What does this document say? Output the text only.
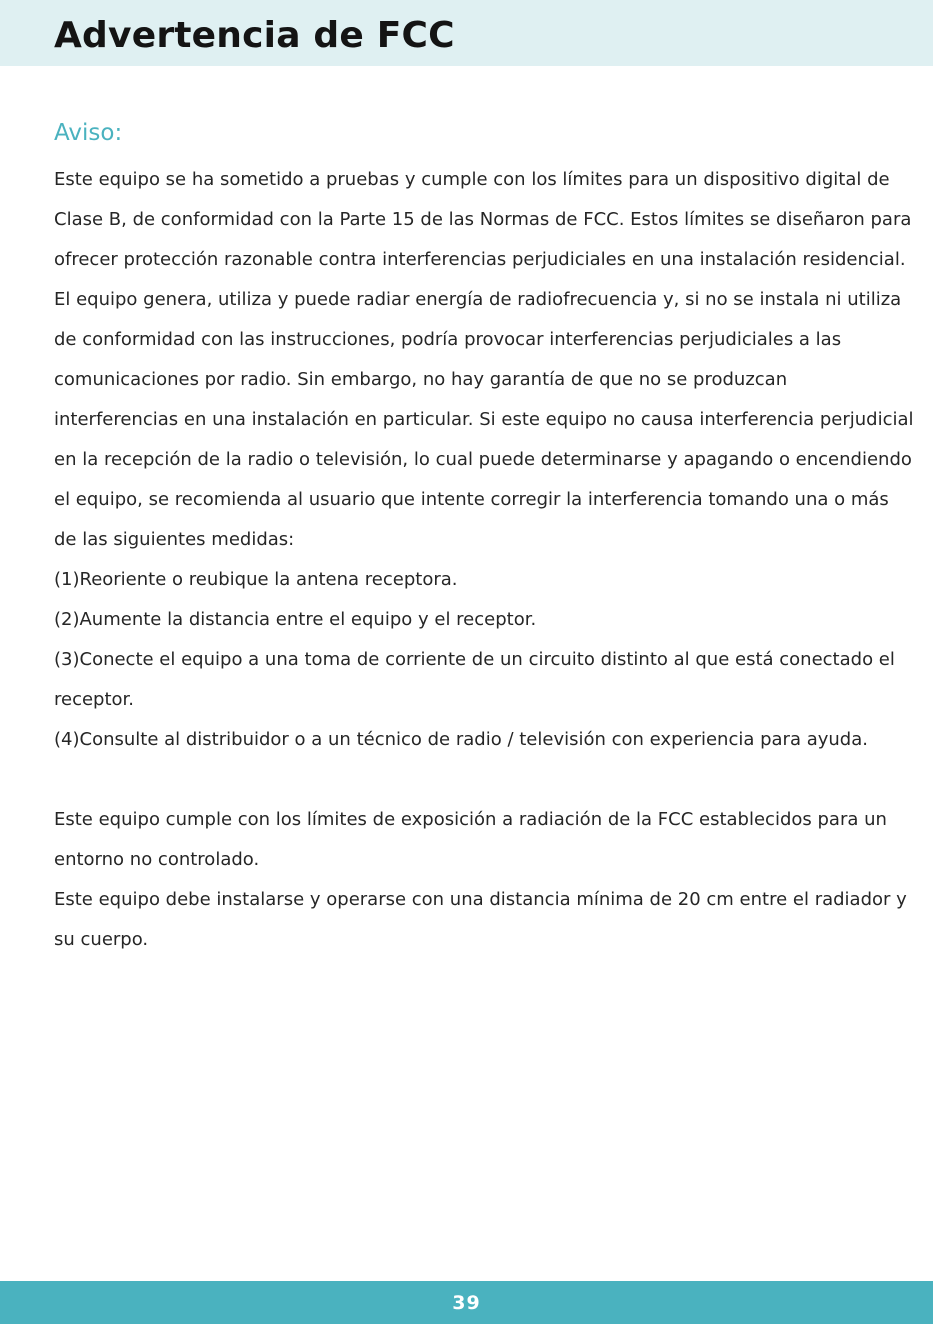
Advertencia de FCC
Aviso:

Este equipo se ha sometido a pruebas y cumple con los límites para un dispositivo digital de Clase B, de conformidad con la Parte 15 de las Normas de FCC. Estos límites se diseñaron para ofrecer protección razonable contra interferencias perjudiciales en una instalación residencial. El equipo genera, utiliza y puede radiar energía de radiofrecuencia y, si no se instala ni utiliza de conformidad con las instrucciones, podría provocar interferencias perjudiciales a las comunicaciones por radio. Sin embargo, no hay garantía de que no se produzcan interferencias en una instalación en particular. Si este equipo no causa interferencia perjudicial en la recepción de la radio o televisión, lo cual puede determinarse y apagando o encendiendo el equipo, se recomienda al usuario que intente corregir la interferencia tomando una o más de las siguientes medidas:

(1)Reoriente o reubique la antena receptora.

(2)Aumente la distancia entre el equipo y el receptor.

(3)Conecte el equipo a una toma de corriente de un circuito distinto al que está conectado el receptor.

(4)Consulte al distribuidor o a un técnico de radio / televisión con experiencia para ayuda.

Este equipo cumple con los límites de exposición a radiación de la FCC establecidos para un entorno no controlado.

Este equipo debe instalarse y operarse con una distancia mínima de 20 cm entre el radiador y su cuerpo.

39
